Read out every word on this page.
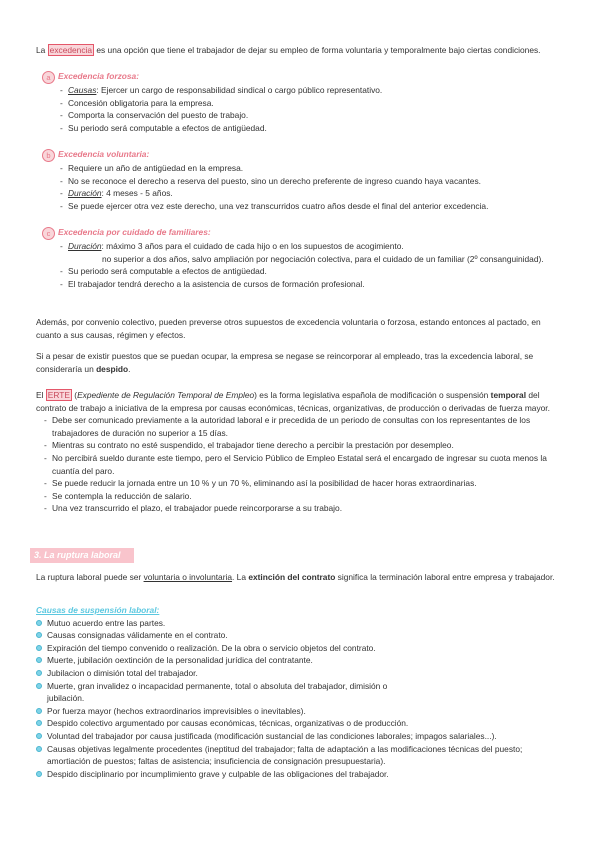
La excedencia es una opción que tiene el trabajador de dejar su empleo de forma voluntaria y temporalmente bajo ciertas condiciones.

a Excedencia forzosa:
- Causas: Ejercer un cargo de responsabilidad sindical o cargo público representativo.
- Concesión obligatoria para la empresa.
- Comporta la conservación del puesto de trabajo.
- Su periodo será computable a efectos de antigüedad.
b Excedencia voluntaria:
- Requiere un año de antigüedad en la empresa.
- No se reconoce el derecho a reserva del puesto, sino un derecho preferente de ingreso cuando haya vacantes.
- Duración: 4 meses - 5 años.
- Se puede ejercer otra vez este derecho, una vez transcurridos cuatro años desde el final del anterior excedencia.
c Excedencia por cuidado de familiares:
- Duración: máximo 3 años para el cuidado de cada hijo o en los supuestos de acogimiento.
no superior a dos años, salvo ampliación por negociación colectiva, para el cuidado de un familiar (2º consanguinidad).
- Su periodo será computable a efectos de antigüedad.
- El trabajador tendrá derecho a la asistencia de cursos de formación profesional.

Además, por convenio colectivo, pueden preverse otros supuestos de excedencia voluntaria o forzosa, estando entonces al pactado, en cuanto a sus causas, régimen y efectos.

Si a pesar de existir puestos que se puedan ocupar, la empresa se negase se reincorporar al empleado, tras la excedencia laboral, se consideraría un despido.

El ERTE (Expediente de Regulación Temporal de Empleo) es la forma legislativa española de modificación o suspensión temporal del contrato de trabajo a iniciativa de la empresa por causas económicas, técnicas, organizativas, de producción o derivadas de fuerza mayor.

- Debe ser comunicado previamente a la autoridad laboral e ir precedida de un periodo de consultas con los representantes de los trabajadores de duración no superior a 15 días.
- Mientras su contrato no esté suspendido, el trabajador tiene derecho a percibir la prestación por desempleo.
- No percibirá sueldo durante este tiempo, pero el Servicio Público de Empleo Estatal será el encargado de ingresar su cuota menos la cuantía del paro.
- Se puede reducir la jornada entre un 10 % y un 70 %, eliminando así la posibilidad de hacer horas extraordinarias.
- Se contempla la reducción de salario.
- Una vez transcurrido el plazo, el trabajador puede reincorporarse a su trabajo.
3. La ruptura laboral

La ruptura laboral puede ser voluntaria o involuntaria. La extinción del contrato significa la terminación laboral entre empresa y trabajador.

Causas de suspensión laboral:
Mutuo acuerdo entre las partes.
Causas consignadas válidamente en el contrato.
Expiración del tiempo convenido o realización. De la obra o servicio objetos del contrato.
Muerte, jubilación oextinción de la personalidad jurídica del contratante.
Jubilacion o dimisión total del trabajador.
Muerte, gran invalidez o incapacidad permanente, total o absoluta del trabajador, dimisión o jubilación.
Por fuerza mayor (hechos extraordinarios imprevisibles o inevitables).
Despido colectivo argumentado por causas económicas, técnicas, organizativas o de producción.
Voluntad del trabajador por causa justificada (modificación sustancial de las condiciones laborales; impagos salariales...).
Causas objetivas legalmente procedentes (ineptitud del trabajador; falta de adaptación a las modificaciones técnicas del puesto; amortiación de puestos; faltas de asistencia; insuficiencia de consignación presupuestaria).
Despido disciplinario por incumplimiento grave y culpable de las obligaciones del trabajador.
